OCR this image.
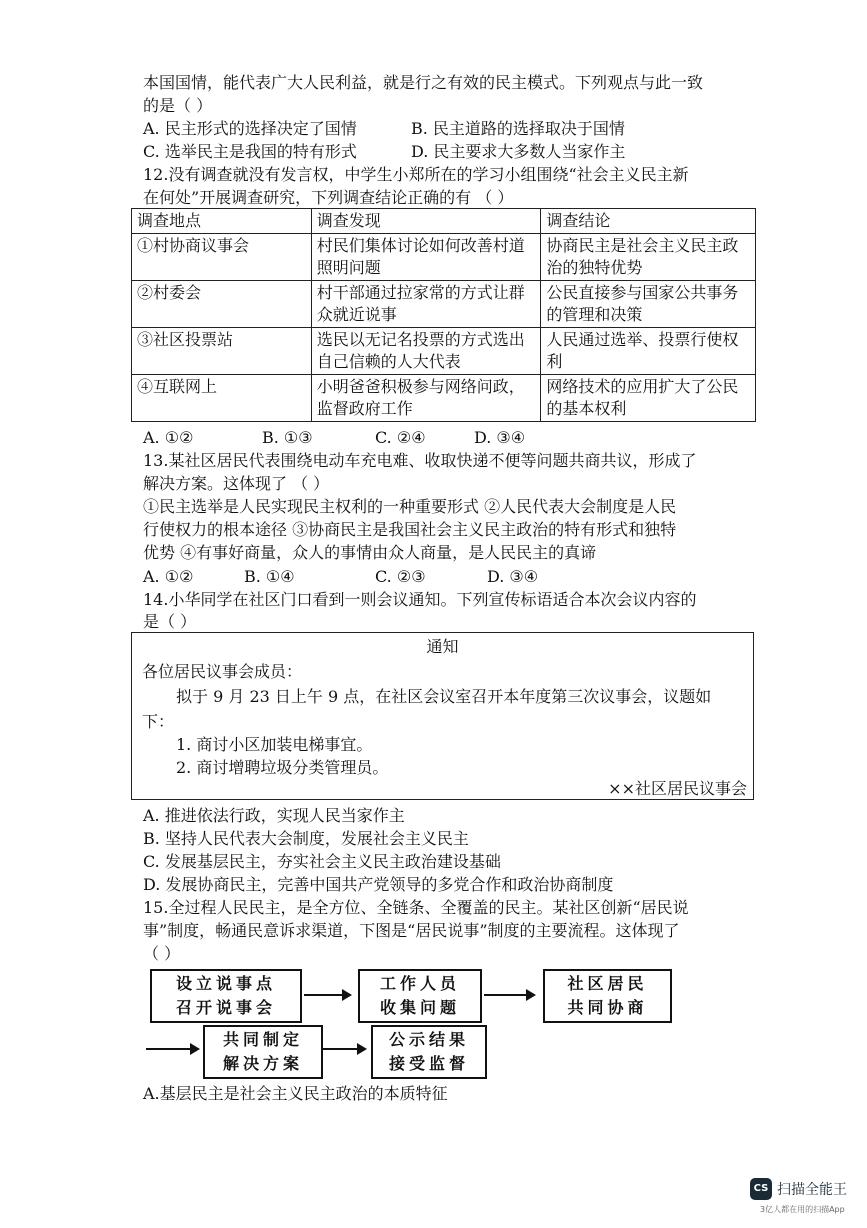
本国国情，能代表广大人民利益，就是行之有效的民主模式。下列观点与此一致
的是（ ）
A. 民主形式的选择决定了国情	B. 民主道路的选择取决于国情
C. 选举民主是我国的特有形式	D. 民主要求大多数人当家作主
12.没有调查就没有发言权，中学生小郑所在的学习小组围绕“社会主义民主新
在何处”开展调查研究，下列调查结论正确的有 （ ）
调查地点	调查发现	调查结论
①村协商议事会	村民们集体讨论如何改善村道照明问题	协商民主是社会主义民主政治的独特优势
②村委会	村干部通过拉家常的方式让群众就近说事	公民直接参与国家公共事务的管理和决策
③社区投票站	选民以无记名投票的方式选出自己信赖的人大代表	人民通过选举、投票行使权利
④互联网上	小明爸爸积极参与网络问政，监督政府工作	网络技术的应用扩大了公民的基本权利
A. ①②	B. ①③	C. ②④	D. ③④
13.某社区居民代表围绕电动车充电难、收取快递不便等问题共商共议，形成了
解决方案。这体现了 （ ）
①民主选举是人民实现民主权利的一种重要形式 ②人民代表大会制度是人民
行使权力的根本途径 ③协商民主是我国社会主义民主政治的特有形式和独特
优势 ④有事好商量，众人的事情由众人商量，是人民民主的真谛
A. ①②	B. ①④	C. ②③	D. ③④
14.小华同学在社区门口看到一则会议通知。下列宣传标语适合本次会议内容的
是（ ）
通知
各位居民议事会成员：
拟于 9 月 23 日上午 9 点，在社区会议室召开本年度第三次议事会，议题如
下：
1. 商讨小区加装电梯事宜。
2. 商讨增聘垃圾分类管理员。
××社区居民议事会
A. 推进依法行政，实现人民当家作主
B. 坚持人民代表大会制度，发展社会主义民主
C. 发展基层民主，夯实社会主义民主政治建设基础
D. 发展协商民主，完善中国共产党领导的多党合作和政治协商制度
15.全过程人民民主，是全方位、全链条、全覆盖的民主。某社区创新“居民说
事”制度，畅通民意诉求渠道，下图是“居民说事”制度的主要流程。这体现了
（ ）
设立说事点
召开说事会
工作人员
收集问题
社区居民
共同协商
共同制定
解决方案
公示结果
接受监督
A.基层民主是社会主义民主政治的本质特征
CS 扫描全能王
3亿人都在用的扫描App
